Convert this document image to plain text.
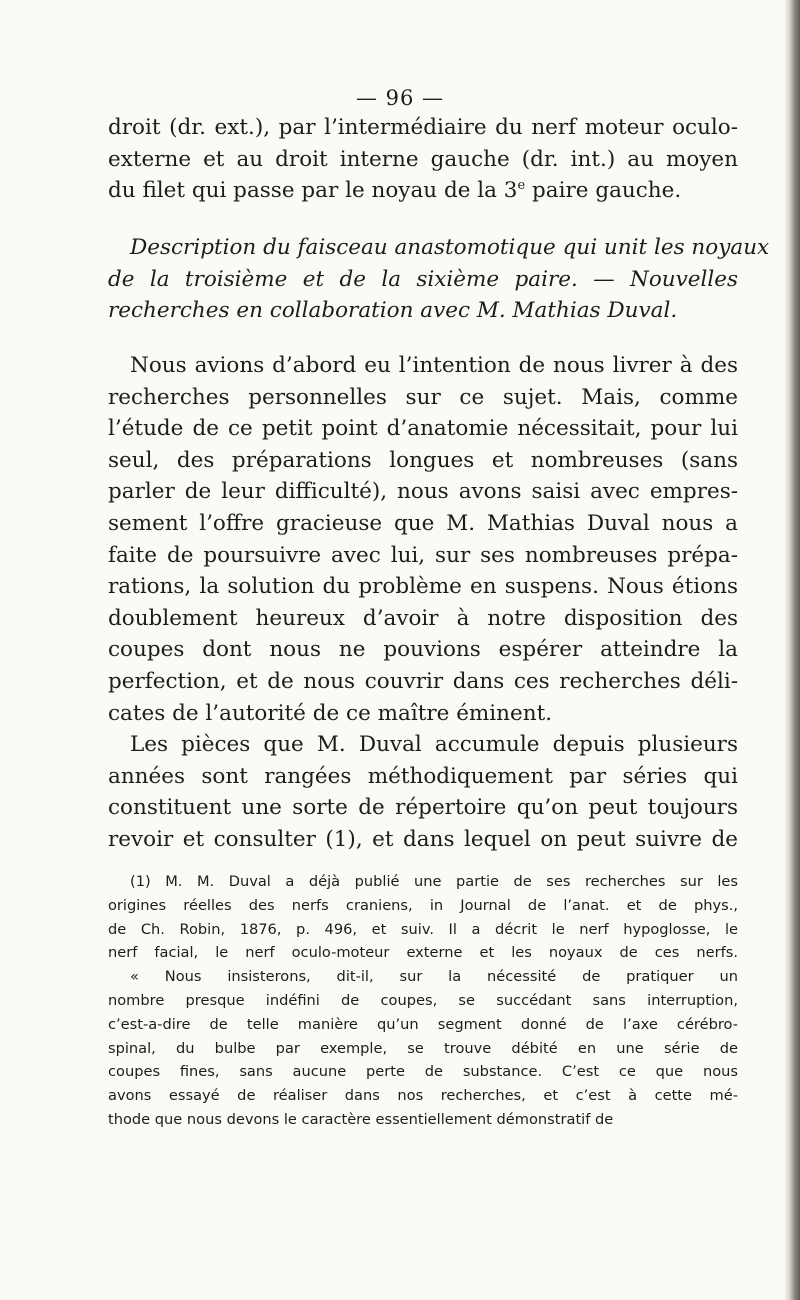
— 96 —
droit (dr. ext.), par l’intermédiaire du nerf moteur oculo-
externe et au droit interne gauche (dr. int.) au moyen
du filet qui passe par le noyau de la 3e paire gauche.
Description du faisceau anastomotique qui unit les noyaux
de la troisième et de la sixième paire. — Nouvelles
recherches en collaboration avec M. Mathias Duval.
Nous avions d’abord eu l’intention de nous livrer à des
recherches personnelles sur ce sujet. Mais, comme
l’étude de ce petit point d’anatomie nécessitait, pour lui
seul, des préparations longues et nombreuses (sans
parler de leur difficulté), nous avons saisi avec empres-
sement l’offre gracieuse que M. Mathias Duval nous a
faite de poursuivre avec lui, sur ses nombreuses prépa-
rations, la solution du problème en suspens. Nous étions
doublement heureux d’avoir à notre disposition des
coupes dont nous ne pouvions espérer atteindre la
perfection, et de nous couvrir dans ces recherches déli-
cates de l’autorité de ce maître éminent.
Les pièces que M. Duval accumule depuis plusieurs
années sont rangées méthodiquement par séries qui
constituent une sorte de répertoire qu’on peut toujours
revoir et consulter (1), et dans lequel on peut suivre de
(1) M. M. Duval a déjà publié une partie de ses recherches sur les
origines réelles des nerfs craniens, in Journal de l’anat. et de phys.,
de Ch. Robin, 1876, p. 496, et suiv. Il a décrit le nerf hypoglosse, le
nerf facial, le nerf oculo-moteur externe et les noyaux de ces nerfs.
« Nous insisterons, dit-il, sur la nécessité de pratiquer un
nombre presque indéfini de coupes, se succédant sans interruption,
c’est-a-dire de telle manière qu’un segment donné de l’axe cérébro-
spinal, du bulbe par exemple, se trouve débité en une série de
coupes fines, sans aucune perte de substance. C’est ce que nous
avons essayé de réaliser dans nos recherches, et c’est à cette mé-
thode que nous devons le caractère essentiellement démonstratif de
